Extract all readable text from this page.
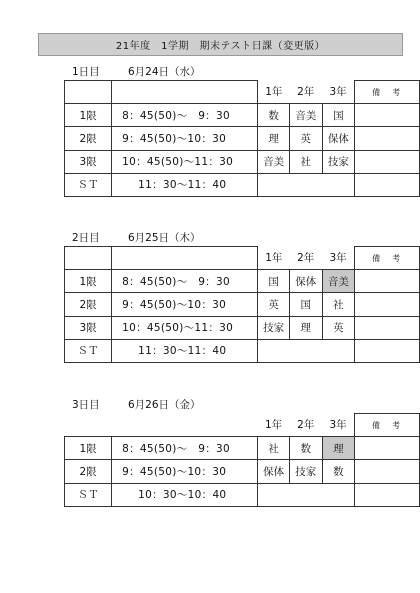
21年度　1学期　期末テスト日課（変更版）
1日目	6月24日（水）
		1年	2年	3年	備　考
1限	8：45(50)～　9：30	数	音美	国	
2限	9：45(50)～10：30	理	英	保体	
3限	10：45(50)～11：30	音美	社	技家	
ＳＴ	11：30～11：40				
2日目	6月25日（木）
		1年	2年	3年	備　考
1限	8：45(50)～　9：30	国	保体	音美	
2限	9：45(50)～10：30	英	国	社	
3限	10：45(50)～11：30	技家	理	英	
ＳＴ	11：30～11：40				
3日目	6月26日（金）
		1年	2年	3年	備　考
1限	8：45(50)～　9：30	社	数	理	
2限	9：45(50)～10：30	保体	技家	数	
ＳＴ	10：30～10：40				
